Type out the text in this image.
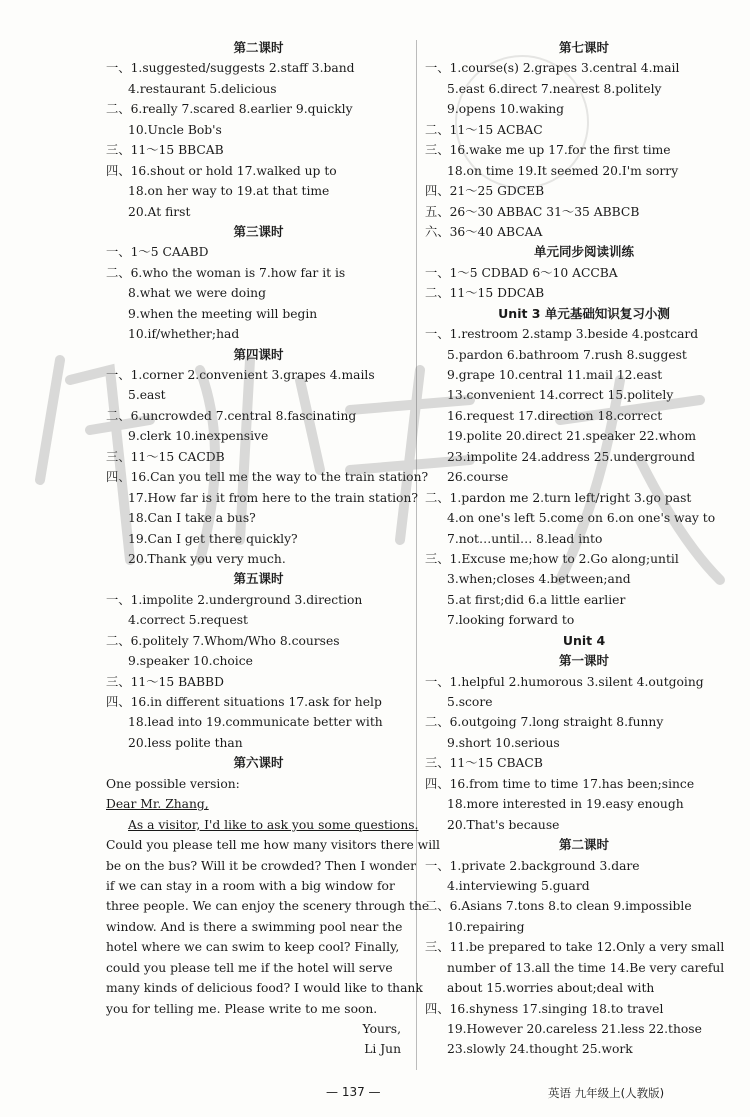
第二课时
一、1.suggested/suggests 2.staff 3.band
4.restaurant 5.delicious
二、6.really 7.scared 8.earlier 9.quickly
10.Uncle Bob's
三、11～15 BBCAB
四、16.shout or hold 17.walked up to
18.on her way to 19.at that time
20.At first
第三课时
一、1～5 CAABD
二、6.who the woman is 7.how far it is
8.what we were doing
9.when the meeting will begin
10.if/whether;had
第四课时
一、1.corner 2.convenient 3.grapes 4.mails
5.east
二、6.uncrowded 7.central 8.fascinating
9.clerk 10.inexpensive
三、11～15 CACDB
四、16.Can you tell me the way to the train station?
17.How far is it from here to the train station?
18.Can I take a bus?
19.Can I get there quickly?
20.Thank you very much.
第五课时
一、1.impolite 2.underground 3.direction
4.correct 5.request
二、6.politely 7.Whom/Who 8.courses
9.speaker 10.choice
三、11～15 BABBD
四、16.in different situations 17.ask for help
18.lead into 19.communicate better with
20.less polite than
第六课时
One possible version:
Dear Mr. Zhang,
As a visitor, I'd like to ask you some questions.
Could you please tell me how many visitors there will
be on the bus? Will it be crowded? Then I wonder
if we can stay in a room with a big window for
three people. We can enjoy the scenery through the
window. And is there a swimming pool near the
hotel where we can swim to keep cool? Finally,
could you please tell me if the hotel will serve
many kinds of delicious food? I would like to thank
you for telling me. Please write to me soon.
Yours,
Li Jun
第七课时
一、1.course(s) 2.grapes 3.central 4.mail
5.east 6.direct 7.nearest 8.politely
9.opens 10.waking
二、11～15 ACBAC
三、16.wake me up 17.for the first time
18.on time 19.It seemed 20.I'm sorry
四、21～25 GDCEB
五、26～30 ABBAC 31～35 ABBCB
六、36～40 ABCAA
单元同步阅读训练
一、1～5 CDBAD 6～10 ACCBA
二、11～15 DDCAB
Unit 3 单元基础知识复习小测
一、1.restroom 2.stamp 3.beside 4.postcard
5.pardon 6.bathroom 7.rush 8.suggest
9.grape 10.central 11.mail 12.east
13.convenient 14.correct 15.politely
16.request 17.direction 18.correct
19.polite 20.direct 21.speaker 22.whom
23.impolite 24.address 25.underground
26.course
二、1.pardon me 2.turn left/right 3.go past
4.on one's left 5.come on 6.on one's way to
7.not…until… 8.lead into
三、1.Excuse me;how to 2.Go along;until
3.when;closes 4.between;and
5.at first;did 6.a little earlier
7.looking forward to
Unit 4
第一课时
一、1.helpful 2.humorous 3.silent 4.outgoing
5.score
二、6.outgoing 7.long straight 8.funny
9.short 10.serious
三、11～15 CBACB
四、16.from time to time 17.has been;since
18.more interested in 19.easy enough
20.That's because
第二课时
一、1.private 2.background 3.dare
4.interviewing 5.guard
二、6.Asians 7.tons 8.to clean 9.impossible
10.repairing
三、11.be prepared to take 12.Only a very small
number of 13.all the time 14.Be very careful
about 15.worries about;deal with
四、16.shyness 17.singing 18.to travel
19.However 20.careless 21.less 22.those
23.slowly 24.thought 25.work
— 137 —	英语 九年级上(人教版)
